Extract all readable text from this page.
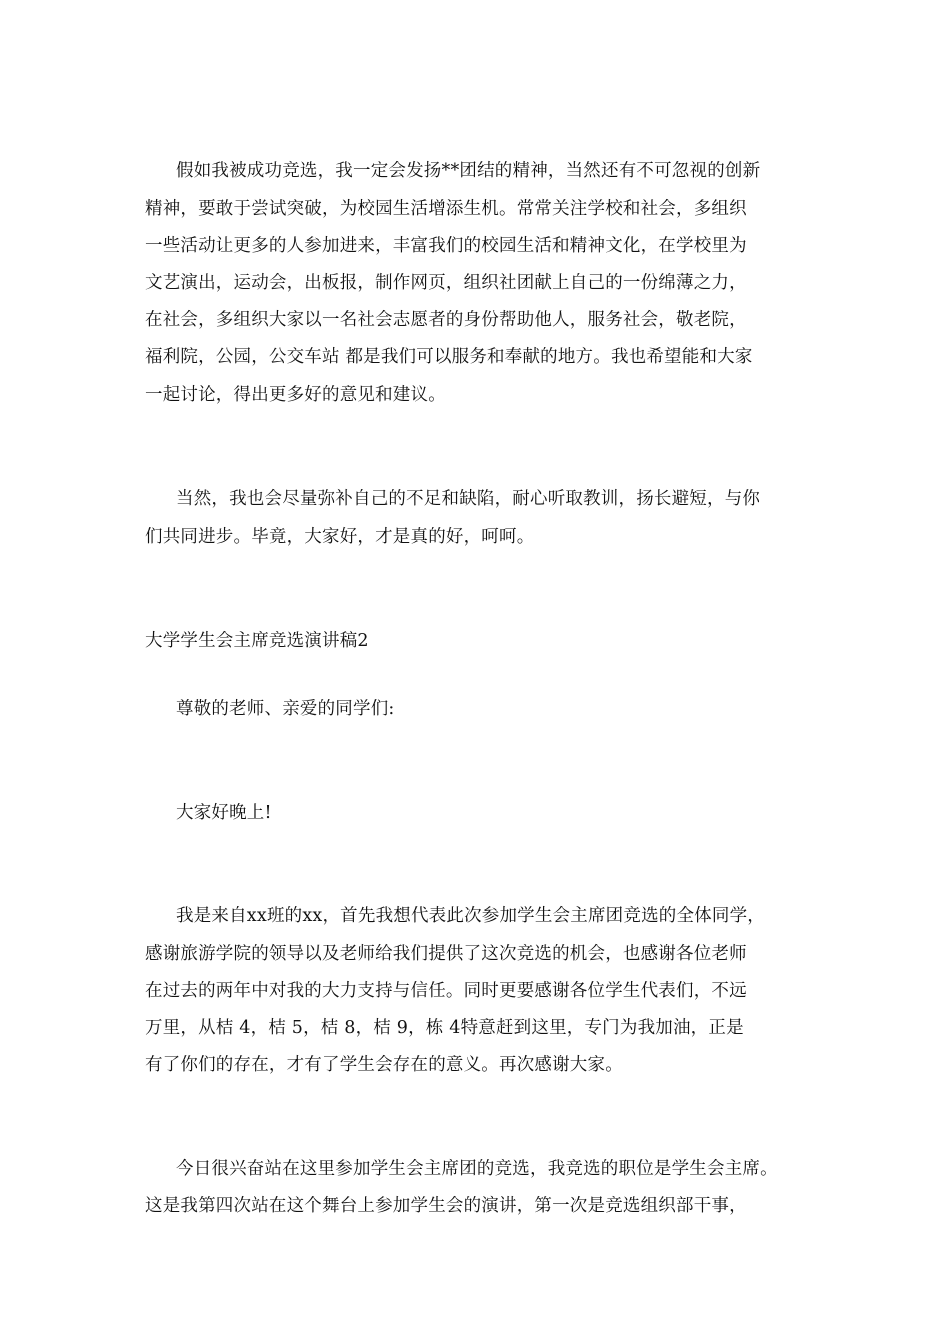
假如我被成功竞选，我一定会发扬**团结的精神，当然还有不可忽视的创新
精神，要敢于尝试突破，为校园生活增添生机。常常关注学校和社会，多组织
一些活动让更多的人参加进来，丰富我们的校园生活和精神文化，在学校里为
文艺演出，运动会，出板报，制作网页，组织社团献上自己的一份绵薄之力，
在社会，多组织大家以一名社会志愿者的身份帮助他人，服务社会，敬老院，
福利院，公园，公交车站 都是我们可以服务和奉献的地方。我也希望能和大家
一起讨论，得出更多好的意见和建议。
当然，我也会尽量弥补自己的不足和缺陷，耐心听取教训，扬长避短，与你
们共同进步。毕竟，大家好，才是真的好，呵呵。
大学学生会主席竞选演讲稿2
尊敬的老师、亲爱的同学们:
大家好晚上!
我是来自xx班的xx，首先我想代表此次参加学生会主席团竞选的全体同学，
感谢旅游学院的领导以及老师给我们提供了这次竞选的机会，也感谢各位老师
在过去的两年中对我的大力支持与信任。同时更要感谢各位学生代表们，不远
万里，从桔 4，桔 5，桔 8，桔 9，栋 4特意赶到这里，专门为我加油，正是
有了你们的存在，才有了学生会存在的意义。再次感谢大家。
今日很兴奋站在这里参加学生会主席团的竞选，我竞选的职位是学生会主席。
这是我第四次站在这个舞台上参加学生会的演讲，第一次是竞选组织部干事，
